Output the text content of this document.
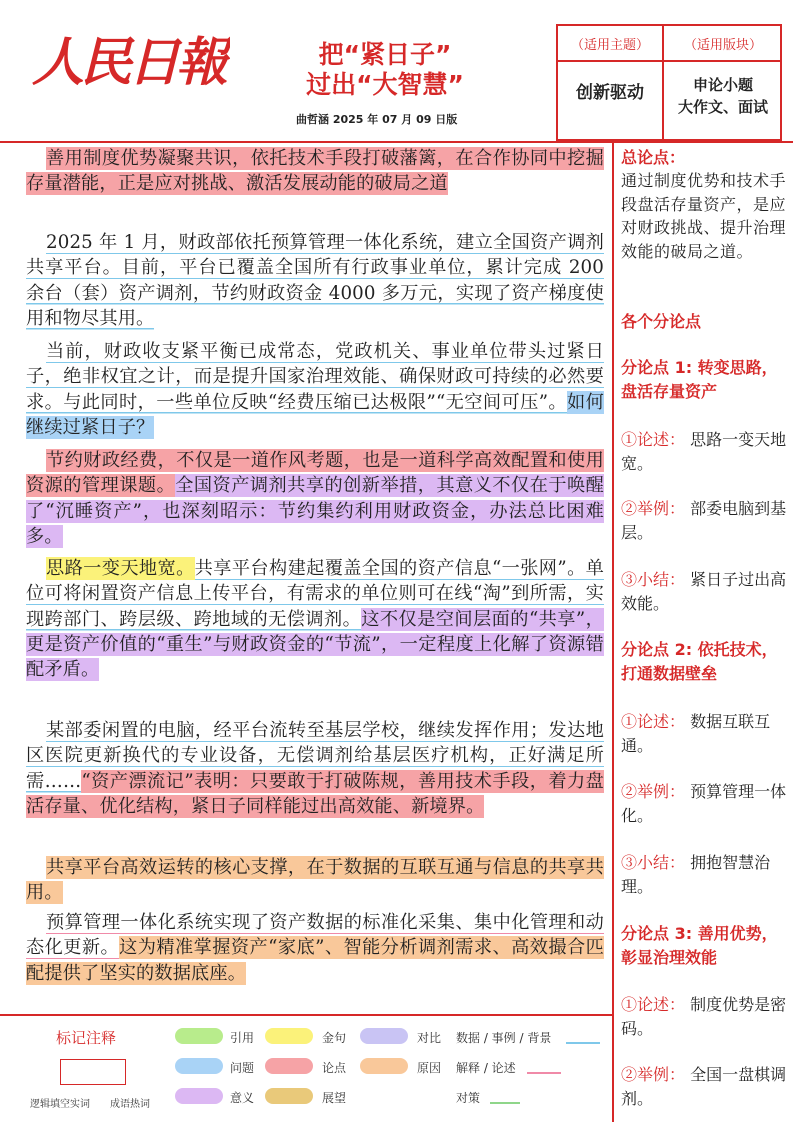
人民日報	把“紧日子”
过出“大智慧”
曲哲涵 2025 年 07 月 09 日版
（适用主题）	（适用版块）
创新驱动	申论小题
大作文、面试
善用制度优势凝聚共识，依托技术手段打破藩篱，在合作协同中挖掘存量潜能，正是应对挑战、激活发展动能的破局之道
2025 年 1 月，财政部依托预算管理一体化系统，建立全国资产调剂共享平台。目前，平台已覆盖全国所有行政事业单位，累计完成 200 余台（套）资产调剂，节约财政资金 4000 多万元，实现了资产梯度使用和物尽其用。
当前，财政收支紧平衡已成常态，党政机关、事业单位带头过紧日子，绝非权宜之计，而是提升国家治理效能、确保财政可持续的必然要求。与此同时，一些单位反映“经费压缩已达极限”“无空间可压”。如何继续过紧日子？
节约财政经费，不仅是一道作风考题，也是一道科学高效配置和使用资源的管理课题。全国资产调剂共享的创新举措，其意义不仅在于唤醒了“沉睡资产”，也深刻昭示：节约集约利用财政资金，办法总比困难多。
思路一变天地宽。共享平台构建起覆盖全国的资产信息“一张网”。单位可将闲置资产信息上传平台，有需求的单位则可在线“淘”到所需，实现跨部门、跨层级、跨地域的无偿调剂。这不仅是空间层面的“共享”，更是资产价值的“重生”与财政资金的“节流”，一定程度上化解了资源错配矛盾。
某部委闲置的电脑，经平台流转至基层学校，继续发挥作用；发达地区医院更新换代的专业设备，无偿调剂给基层医疗机构，正好满足所需……“资产漂流记”表明：只要敢于打破陈规，善用技术手段，着力盘活存量、优化结构，紧日子同样能过出高效能、新境界。
共享平台高效运转的核心支撑，在于数据的互联互通与信息的共享共用。
预算管理一体化系统实现了资产数据的标准化采集、集中化管理和动态化更新。这为精准掌握资产“家底”、智能分析调剂需求、高效撮合匹配提供了坚实的数据底座。
总论点：
通过制度优势和技术手段盘活存量资产，是应对财政挑战、提升治理效能的破局之道。
各个分论点
分论点 1: 转变思路，盘活存量资产
①论述： 思路一变天地宽。
②举例： 部委电脑到基层。
③小结： 紧日子过出高效能。
分论点 2: 依托技术，打通数据壁垒
①论述： 数据互联互通。
②举例： 预算管理一体化。
③小结： 拥抱智慧治理。
分论点 3: 善用优势，彰显治理效能
①论述： 制度优势是密码。
②举例： 全国一盘棋调剂。
标记注释
逻辑填空实词 成语热词
引用	金句	对比
问题	论点	原因
意义	展望
数据 / 事例 / 背景
解释 / 论述
对策
